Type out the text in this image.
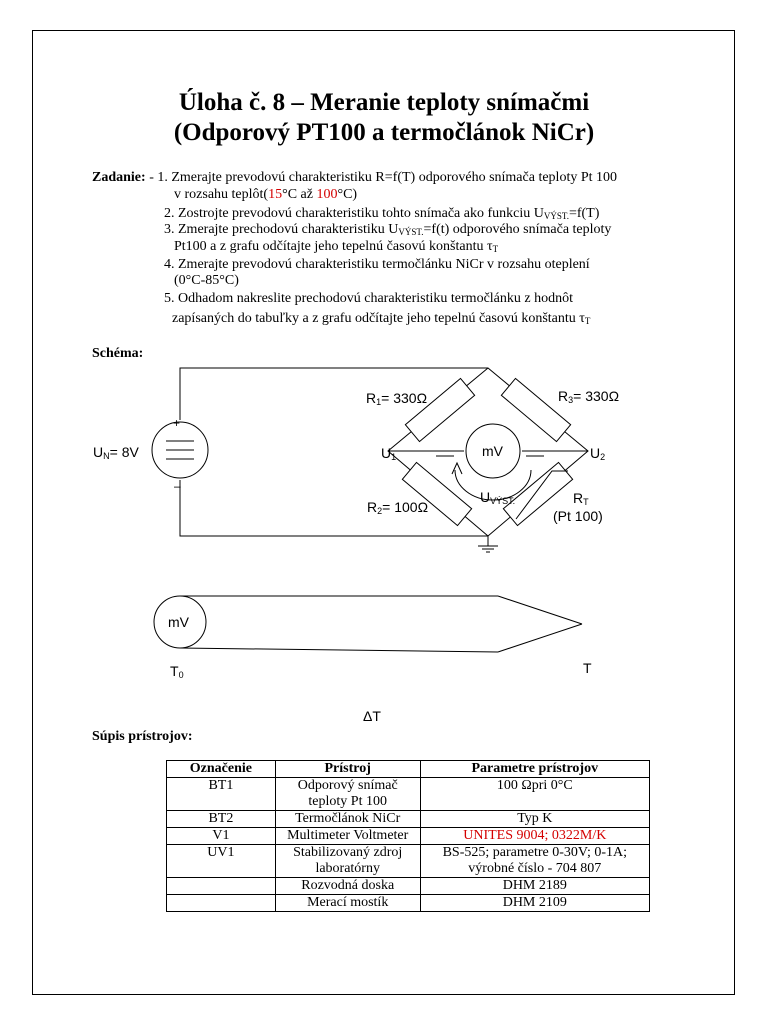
Úloha č. 8 – Meranie teploty snímačmi
(Odporový PT100 a termočlánok NiCr)
Zadanie: - 1. Zmerajte prevodovú charakteristiku R=f(T) odporového snímača teploty Pt 100
v rozsahu teplôt(15°C až 100°C)
2. Zostrojte prevodovú charakteristiku tohto snímača ako funkciu $U_{VÝST.}=f(T)$
3. Zmerajte prechodovú charakteristiku $U_{VÝST.}=f(t)$ odporového snímača teploty
Pt100 a z grafu odčítajte jeho tepelnú časovú konštantu $\tau_T$
4. Zmerajte prevodovú charakteristiku termočlánku NiCr v rozsahu oteplení
(0°C-85°C)
5. Odhadom nakreslite prechodovú charakteristiku termočlánku z hodnôt
zapísaných do tabuľky a z grafu odčítajte jeho tepelnú časovú konštantu $\tau_T$
Schéma:
+
–
$U_N= 8V$
$R_1= 330\Omega$	$R_3= 330\Omega$
$R_2= 100\Omega$
$R_T$
(Pt 100)
$U_1$	$U_2$
mV
$U_{VÝST.}$
mV
$T_0$	T
ΔT
Súpis prístrojov:
Označenie	Prístroj	Parametre prístrojov
BT1	Odporový snímač teploty Pt 100	100 Ωpri 0°C
BT2	Termočlánok NiCr	Typ K
V1	Multimeter Voltmeter	UNITES 9004; 0322M/K
UV1	Stabilizovaný zdroj laboratórny	BS-525; parametre 0-30V; 0-1A; výrobné číslo - 704 807
	Rozvodná doska	DHM 2189
	Merací mostík	DHM 2109
